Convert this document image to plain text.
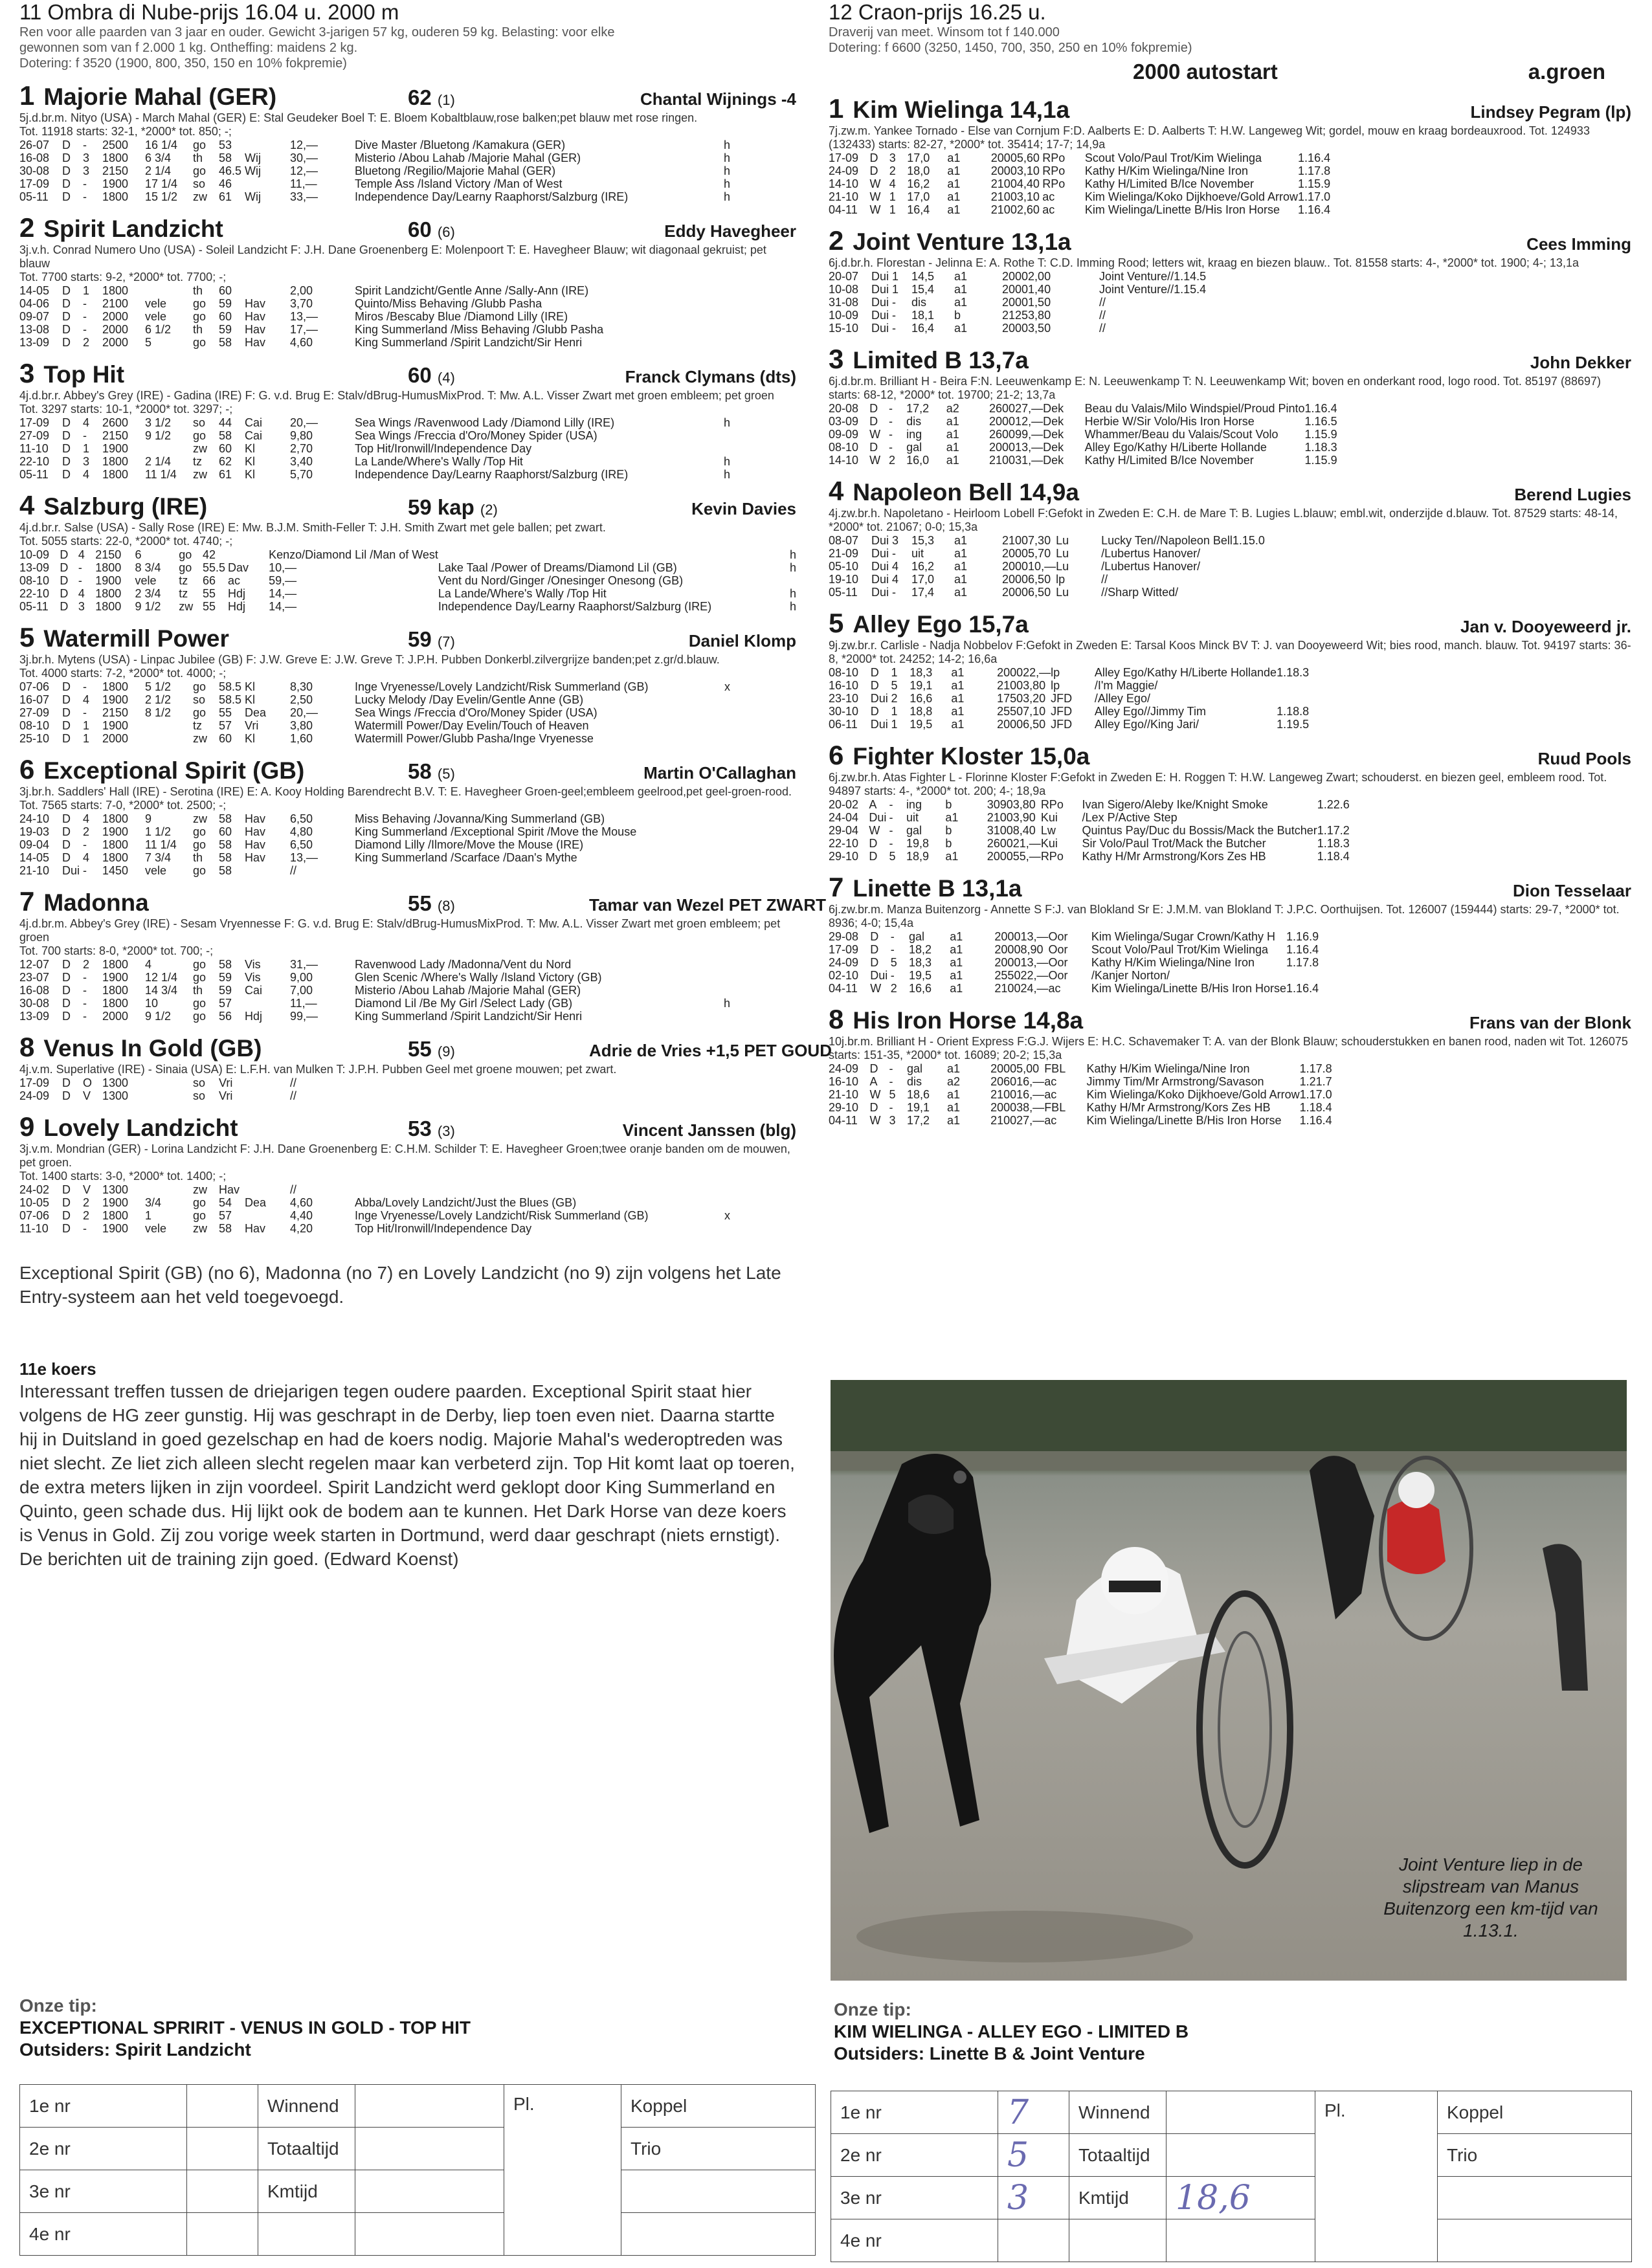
11 Ombra di Nube-prijs 16.04 u. 2000 m
Ren voor alle paarden van 3 jaar en ouder. Gewicht 3-jarigen 57 kg, ouderen 59 kg. Belasting: voor elke
gewonnen som van f 2.000 1 kg. Ontheffing: maidens 2 kg.
Dotering: f 3520 (1900, 800, 350, 150 en 10% fokpremie)
1 Majorie Mahal (GER)	62 (1)	Chantal Wijnings -4
5j.d.br.m. Nityo (USA) - March Mahal (GER) E: Stal Geudeker Boel T: E. Bloem Kobaltblauw,rose balken;pet blauw met rose ringen.
Tot. 11918 starts: 32-1, *2000* tot. 850; -;
26-07	D	-	2500	16 1/4	go	53		12,—	Dive Master /Bluetong /Kamakura (GER)	h
16-08	D	3	1800	6 3/4	th	58	Wij	30,—	Misterio /Abou Lahab /Majorie Mahal (GER)	h
30-08	D	3	2150	2 1/4	go	46.5	Wij	12,—	Bluetong /Regilio/Majorie Mahal (GER)	h
17-09	D	-	1900	17 1/4	so	46		11,—	Temple Ass /Island Victory /Man of West	h
05-11	D	-	1800	15 1/2	zw	61	Wij	33,—	Independence Day/Learny Raaphorst/Salzburg (IRE)	h
2 Spirit Landzicht	60 (6)	Eddy Havegheer
3j.v.h. Conrad Numero Uno (USA) - Soleil Landzicht F: J.H. Dane Groenenberg E: Molenpoort T: E. Havegheer Blauw; wit diagonaal gekruist; pet blauw
Tot. 7700 starts: 9-2, *2000* tot. 7700; -;
14-05	D	1	1800		th	60		2,00	Spirit Landzicht/Gentle Anne /Sally-Ann (IRE)	
04-06	D	-	2100	vele	go	59	Hav	3,70	Quinto/Miss Behaving /Glubb Pasha	
09-07	D	-	2000	vele	go	60	Hav	13,—	Miros /Bescaby Blue /Diamond Lilly (IRE)	
13-08	D	-	2000	6 1/2	th	59	Hav	17,—	King Summerland /Miss Behaving /Glubb Pasha	
13-09	D	2	2000	5	go	58	Hav	4,60	King Summerland /Spirit Landzicht/Sir Henri	
3 Top Hit	60 (4)	Franck Clymans (dts)
4j.d.br.r. Abbey's Grey (IRE) - Gadina (IRE) F: G. v.d. Brug E: Stalv/dBrug-HumusMixProd. T: Mw. A.L. Visser Zwart met groen embleem; pet groen
Tot. 3297 starts: 10-1, *2000* tot. 3297; -;
17-09	D	4	2600	3 1/2	so	44	Cai	20,—	Sea Wings /Ravenwood Lady /Diamond Lilly (IRE)	h
27-09	D	-	2150	9 1/2	go	58	Cai	9,80	Sea Wings /Freccia d'Oro/Money Spider (USA)	
11-10	D	1	1900		zw	60	Kl	2,70	Top Hit/Ironwill/Independence Day	
22-10	D	3	1800	2 1/4	tz	62	Kl	3,40	La Lande/Where's Wally /Top Hit	h
05-11	D	4	1800	11 1/4	zw	61	Kl	5,70	Independence Day/Learny Raaphorst/Salzburg (IRE)	h
4 Salzburg (IRE)	59 kap (2)	Kevin Davies
4j.d.br.r. Salse (USA) - Sally Rose (IRE) E: Mw. B.J.M. Smith-Feller T: J.H. Smith Zwart met gele ballen; pet zwart.
Tot. 5055 starts: 22-0, *2000* tot. 4740; -;
10-09	D	4	2150	6	go	42		Kenzo/Diamond Lil /Man of West		h
13-09	D	-	1800	8 3/4	go	55.5	Dav	10,—	Lake Taal /Power of Dreams/Diamond Lil (GB)	h
08-10	D	-	1900	vele	tz	66	ac	59,—	Vent du Nord/Ginger /Onesinger Onesong (GB)	
22-10	D	4	1800	2 3/4	tz	55	Hdj	14,—	La Lande/Where's Wally /Top Hit	h
05-11	D	3	1800	9 1/2	zw	55	Hdj	14,—	Independence Day/Learny Raaphorst/Salzburg (IRE)	h
5 Watermill Power	59 (7)	Daniel Klomp
3j.br.h. Mytens (USA) - Linpac Jubilee (GB) F: J.W. Greve E: J.W. Greve T: J.P.H. Pubben Donkerbl.zilvergrijze banden;pet z.gr/d.blauw.
Tot. 4000 starts: 7-2, *2000* tot. 4000; -;
07-06	D	-	1800	5 1/2	go	58.5	Kl	8,30	Inge Vryenesse/Lovely Landzicht/Risk Summerland (GB)	x
16-07	D	4	1900	2 1/2	so	58.5	Kl	2,50	Lucky Melody /Day Evelin/Gentle Anne (GB)	
27-09	D	-	2150	8 1/2	go	55	Dea	20,—	Sea Wings /Freccia d'Oro/Money Spider (USA)	
08-10	D	1	1900		tz	57	Vri	3,80	Watermill Power/Day Evelin/Touch of Heaven	
25-10	D	1	2000		zw	60	Kl	1,60	Watermill Power/Glubb Pasha/Inge Vryenesse	
6 Exceptional Spirit (GB)	58 (5)	Martin O'Callaghan
3j.br.h. Saddlers' Hall (IRE) - Serotina (IRE) E: A. Kooy Holding Barendrecht B.V. T: E. Havegheer Groen-geel;embleem geelrood,pet geel-groen-rood.
Tot. 7565 starts: 7-0, *2000* tot. 2500; -;
24-10	D	4	1800	9	zw	58	Hav	6,50	Miss Behaving /Jovanna/King Summerland (GB)	
19-03	D	2	1900	1 1/2	go	60	Hav	4,80	King Summerland /Exceptional Spirit /Move the Mouse	
09-04	D	-	1800	11 1/4	go	58	Hav	6,50	Diamond Lilly /Ilmore/Move the Mouse (IRE)	
14-05	D	4	1800	7 3/4	th	58	Hav	13,—	King Summerland /Scarface /Daan's Mythe	
21-10	Dui	-	1450	vele	go	58		//		
7 Madonna	55 (8)	Tamar van Wezel PET ZWART
4j.d.br.m. Abbey's Grey (IRE) - Sesam Vryennesse F: G. v.d. Brug E: Stalv/dBrug-HumusMixProd. T: Mw. A.L. Visser Zwart met groen embleem; pet groen
Tot. 700 starts: 8-0, *2000* tot. 700; -;
12-07	D	2	1800	4	go	58	Vis	31,—	Ravenwood Lady /Madonna/Vent du Nord	
23-07	D	-	1900	12 1/4	go	59	Vis	9,00	Glen Scenic /Where's Wally /Island Victory (GB)	
16-08	D	-	1800	14 3/4	th	59	Cai	7,00	Misterio /Abou Lahab /Majorie Mahal (GER)	
30-08	D	-	1800	10	go	57		11,—	Diamond Lil /Be My Girl /Select Lady (GB)	h
13-09	D	-	2000	9 1/2	go	56	Hdj	99,—	King Summerland /Spirit Landzicht/Sir Henri	
8 Venus In Gold (GB)	55 (9)	Adrie de Vries +1,5 PET GOUD
4j.v.m. Superlative (IRE) - Sinaia (USA) E: L.F.H. van Mulken T: J.P.H. Pubben Geel met groene mouwen; pet zwart.
17-09	D	O	1300		so	Vri		//		
24-09	D	V	1300		so	Vri		//		
9 Lovely Landzicht	53 (3)	Vincent Janssen (blg)
3j.v.m. Mondrian (GER) - Lorina Landzicht F: J.H. Dane Groenenberg E: C.H.M. Schilder T: E. Havegheer Groen;twee oranje banden om de mouwen, pet groen.
Tot. 1400 starts: 3-0, *2000* tot. 1400; -;
24-02	D	V	1300		zw	Hav		//		
10-05	D	2	1900	3/4	go	54	Dea	4,60	Abba/Lovely Landzicht/Just the Blues (GB)	
07-06	D	2	1800	1	go	57		4,40	Inge Vryenesse/Lovely Landzicht/Risk Summerland (GB)	x
11-10	D	-	1900	vele	zw	58	Hav	4,20	Top Hit/Ironwill/Independence Day	
Exceptional Spirit (GB) (no 6), Madonna (no 7) en Lovely Landzicht (no 9) zijn volgens het Late Entry-systeem aan het veld toegevoegd.
11e koers

Interessant treffen tussen de driejarigen tegen oudere paarden. Exceptional Spirit staat hier volgens de HG zeer gunstig. Hij was geschrapt in de Derby, liep toen even niet. Daarna startte hij in Duitsland in goed gezelschap en had de koers nodig. Majorie Mahal's wederoptreden was niet slecht. Ze liet zich alleen slecht regelen maar kan verbeterd zijn. Top Hit komt laat op toeren, de extra meters lijken in zijn voordeel. Spirit Landzicht werd geklopt door King Summerland en Quinto, geen schade dus. Hij lijkt ook de bodem aan te kunnen. Het Dark Horse van deze koers is Venus in Gold. Zij zou vorige week starten in Dortmund, werd daar geschrapt (niets ernstigt). De berichten uit de training zijn goed. (Edward Koenst)

Onze tip:
EXCEPTIONAL SPRIRIT - VENUS IN GOLD - TOP HIT
Outsiders: Spirit Landzicht
1e nr		Winnend		Pl.	Koppel
2e nr		Totaaltijd			Trio
3e nr		Kmtijd			
4e nr					
12 Craon-prijs 16.25 u.
Draverij van meet. Winsom tot f 140.000
Dotering: f 6600 (3250, 1450, 700, 350, 250 en 10% fokpremie)
2000 autostart	a.groen
1 Kim Wielinga 14,1a	Lindsey Pegram (lp)
7j.zw.m. Yankee Tornado - Else van Cornjum F:D. Aalberts E: D. Aalberts T: H.W. Langeweg Wit; gordel, mouw en kraag bordeauxrood. Tot. 124933 (132433) starts: 82-27, *2000* tot. 35414; 17-7; 14,9a
17-09	D	3	17,0	a1	2000	5,60	RPo	Scout Volo/Paul Trot/Kim Wielinga	1.16.4
24-09	D	2	18,0	a1	2000	3,10	RPo	Kathy H/Kim Wielinga/Nine Iron	1.17.8
14-10	W	4	16,2	a1	2100	4,40	RPo	Kathy H/Limited B/Ice November	1.15.9
21-10	W	1	17,0	a1	2100	3,10	ac	Kim Wielinga/Koko Dijkhoeve/Gold Arrow	1.17.0
04-11	W	1	16,4	a1	2100	2,60	ac	Kim Wielinga/Linette B/His Iron Horse	1.16.4
2 Joint Venture 13,1a	Cees Imming
6j.d.br.h. Florestan - Jelinna E: A. Rothe T: C.D. Imming Rood; letters wit, kraag en biezen blauw.. Tot. 81558 starts: 4-, *2000* tot. 1900; 4-; 13,1a
20-07	Dui	1	14,5	a1	2000	2,00		Joint Venture//	1.14.5
10-08	Dui	1	15,4	a1	2000	1,40		Joint Venture//	1.15.4
31-08	Dui	-	dis	a1	2000	1,50		//	
10-09	Dui	-	18,1	b	2125	3,80		//	
15-10	Dui	-	16,4	a1	2000	3,50		//	
3 Limited B 13,7a	John Dekker
6j.d.br.m. Brilliant H - Beira F:N. Leeuwenkamp E: N. Leeuwenkamp T: N. Leeuwenkamp Wit; boven en onderkant rood, logo rood. Tot. 85197 (88697) starts: 68-12, *2000* tot. 19700; 21-2; 13,7a
20-08	D	-	17,2	a2	2600	27,—	Dek	Beau du Valais/Milo Windspiel/Proud Pinto	1.16.4
03-09	D	-	dis	a1	2000	12,—	Dek	Herbie W/Sir Volo/His Iron Horse	1.16.5
09-09	W	-	ing	a1	2600	99,—	Dek	Whammer/Beau du Valais/Scout Volo	1.15.9
08-10	D	-	gal	a1	2000	13,—	Dek	Alley Ego/Kathy H/Liberte Hollande	1.18.3
14-10	W	2	16,0	a1	2100	31,—	Dek	Kathy H/Limited B/Ice November	1.15.9
4 Napoleon Bell 14,9a	Berend Lugies
4j.zw.br.h. Napoletano - Heirloom Lobell F:Gefokt in Zweden E: C.H. de Mare T: B. Lugies L.blauw; embl.wit, onderzijde d.blauw. Tot. 87529 starts: 48-14, *2000* tot. 21067; 0-0; 15,3a
08-07	Dui	3	15,3	a1	2100	7,30	Lu	Lucky Ten//Napoleon Bell	1.15.0
21-09	Dui	-	uit	a1	2000	5,70	Lu	/Lubertus Hanover/	
05-10	Dui	4	16,2	a1	2000	10,—	Lu	/Lubertus Hanover/	
19-10	Dui	4	17,0	a1	2000	6,50	lp	//	
05-11	Dui	-	17,4	a1	2000	6,50	Lu	//Sharp Witted/	
5 Alley Ego 15,7a	Jan v. Dooyeweerd jr.
9j.zw.br.r. Carlisle - Nadja Nobbelov F:Gefokt in Zweden E: Tarsal Koos Minck BV T: J. van Dooyeweerd Wit; bies rood, manch. blauw. Tot. 94197 starts: 36-8, *2000* tot. 24252; 14-2; 16,6a
08-10	D	1	18,3	a1	2000	22,—	lp	Alley Ego/Kathy H/Liberte Hollande	1.18.3
16-10	D	5	19,1	a1	2100	3,80	lp	/I'm Maggie/	
23-10	Dui	2	16,6	a1	1750	3,20	JFD	/Alley Ego/	
30-10	D	1	18,8	a1	2550	7,10	JFD	Alley Ego//Jimmy Tim	1.18.8
06-11	Dui	1	19,5	a1	2000	6,50	JFD	Alley Ego//King Jari/	1.19.5
6 Fighter Kloster 15,0a	Ruud Pools
6j.zw.br.h. Atas Fighter L - Florinne Kloster F:Gefokt in Zweden E: H. Roggen T: H.W. Langeweg Zwart; schouderst. en biezen geel, embleem rood. Tot. 94897 starts: 4-, *2000* tot. 200; 4-; 18,9a
20-02	A	-	ing	b	3090	3,80	RPo	Ivan Sigero/Aleby Ike/Knight Smoke	1.22.6
24-04	Dui	-	uit	a1	2100	3,90	Kui	/Lex P/Active Step	
29-04	W	-	gal	b	3100	8,40	Lw	Quintus Pay/Duc du Bossis/Mack the Butcher	1.17.2
22-10	D	-	19,8	b	2600	21,—	Kui	Sir Volo/Paul Trot/Mack the Butcher	1.18.3
29-10	D	5	18,9	a1	2000	55,—	RPo	Kathy H/Mr Armstrong/Kors Zes HB	1.18.4
7 Linette B 13,1a	Dion Tesselaar
6j.zw.br.m. Manza Buitenzorg - Annette S F:J. van Blokland Sr E: J.M.M. van Blokland T: J.P.C. Oorthuijsen. Tot. 126007 (159444) starts: 29-7, *2000* tot. 8936; 4-0; 15,4a
29-08	D	-	gal	a1	2000	13,—	Oor	Kim Wielinga/Sugar Crown/Kathy H	1.16.9
17-09	D	-	18,2	a1	2000	8,90	Oor	Scout Volo/Paul Trot/Kim Wielinga	1.16.4
24-09	D	5	18,3	a1	2000	13,—	Oor	Kathy H/Kim Wielinga/Nine Iron	1.17.8
02-10	Dui	-	19,5	a1	2550	22,—	Oor	/Kanjer Norton/	
04-11	W	2	16,6	a1	2100	24,—	ac	Kim Wielinga/Linette B/His Iron Horse	1.16.4
8 His Iron Horse 14,8a	Frans van der Blonk
10j.br.m. Brilliant H - Orient Express F:G.J. Wijers E: H.C. Schavemaker T: A. van der Blonk Blauw; schouderstukken en banen rood, naden wit Tot. 126075 starts: 151-35, *2000* tot. 16089; 20-2; 15,3a
24-09	D	-	gal	a1	2000	5,00	FBL	Kathy H/Kim Wielinga/Nine Iron	1.17.8
16-10	A	-	dis	a2	2060	16,—	ac	Jimmy Tim/Mr Armstrong/Savason	1.21.7
21-10	W	5	18,6	a1	2100	16,—	ac	Kim Wielinga/Koko Dijkhoeve/Gold Arrow	1.17.0
29-10	D	-	19,1	a1	2000	38,—	FBL	Kathy H/Mr Armstrong/Kors Zes HB	1.18.4
04-11	W	3	17,2	a1	2100	27,—	ac	Kim Wielinga/Linette B/His Iron Horse	1.16.4
Joint Venture liep in de slipstream van Manus Buitenzorg een km-tijd van 1.13.1.
Onze tip:
KIM WIELINGA - ALLEY EGO - LIMITED B
Outsiders: Linette B & Joint Venture
1e nr	7	Winnend		Pl.	Koppel
2e nr	5	Totaaltijd			Trio
3e nr	3	Kmtijd	18,6		
4e nr					
